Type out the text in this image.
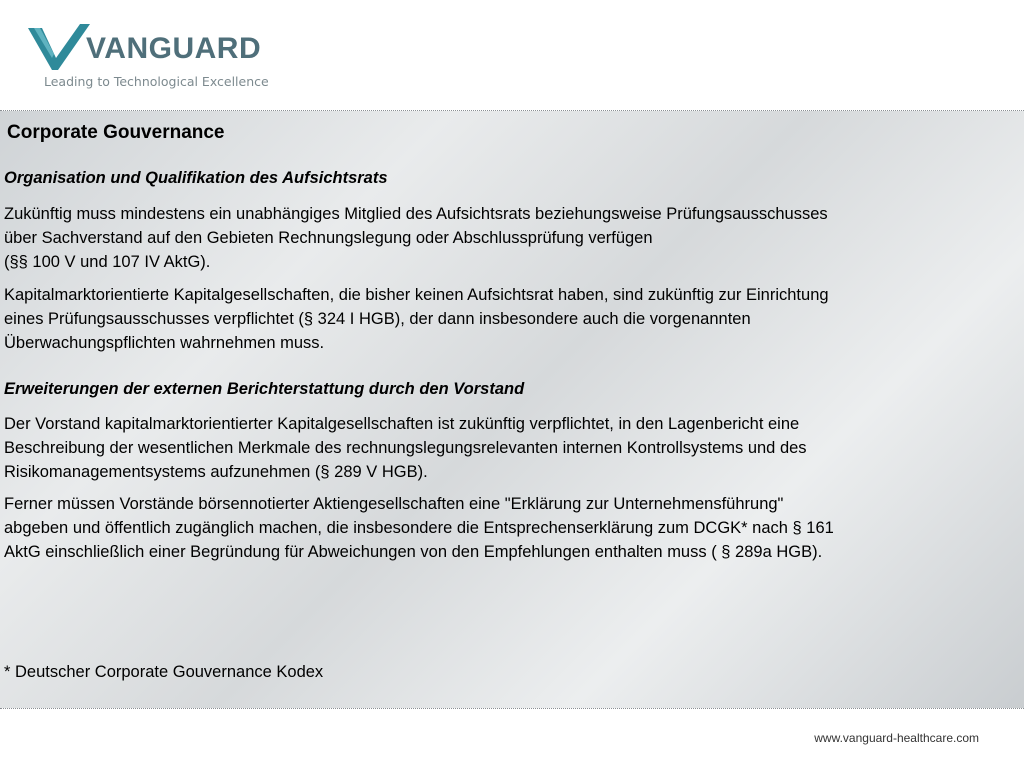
VANGUARD
Leading to Technological Excellence
Corporate Gouvernance
Organisation und Qualifikation des Aufsichtsrats
Zukünftig muss mindestens ein unabhängiges Mitglied des Aufsichtsrats beziehungsweise Prüfungsausschusses
über Sachverstand auf den Gebieten Rechnungslegung oder Abschlussprüfung verfügen
(§§ 100 V und 107 IV AktG).
Kapitalmarktorientierte Kapitalgesellschaften, die bisher keinen Aufsichtsrat haben, sind zukünftig zur Einrichtung
eines Prüfungsausschusses verpflichtet (§ 324 I HGB), der dann insbesondere auch die vorgenannten
Überwachungspflichten wahrnehmen muss.
Erweiterungen der externen Berichterstattung durch den Vorstand
Der Vorstand kapitalmarktorientierter Kapitalgesellschaften ist zukünftig verpflichtet, in den Lagenbericht eine
Beschreibung der wesentlichen Merkmale des rechnungslegungsrelevanten internen Kontrollsystems und des
Risikomanagementsystems aufzunehmen (§ 289 V HGB).
Ferner müssen Vorstände börsennotierter Aktiengesellschaften eine "Erklärung zur Unternehmensführung"
abgeben und öffentlich zugänglich machen, die insbesondere die Entsprechenserklärung zum DCGK* nach § 161
AktG einschließlich einer Begründung für Abweichungen von den Empfehlungen enthalten muss ( § 289a HGB).
* Deutscher Corporate Gouvernance Kodex
www.vanguard-healthcare.com
